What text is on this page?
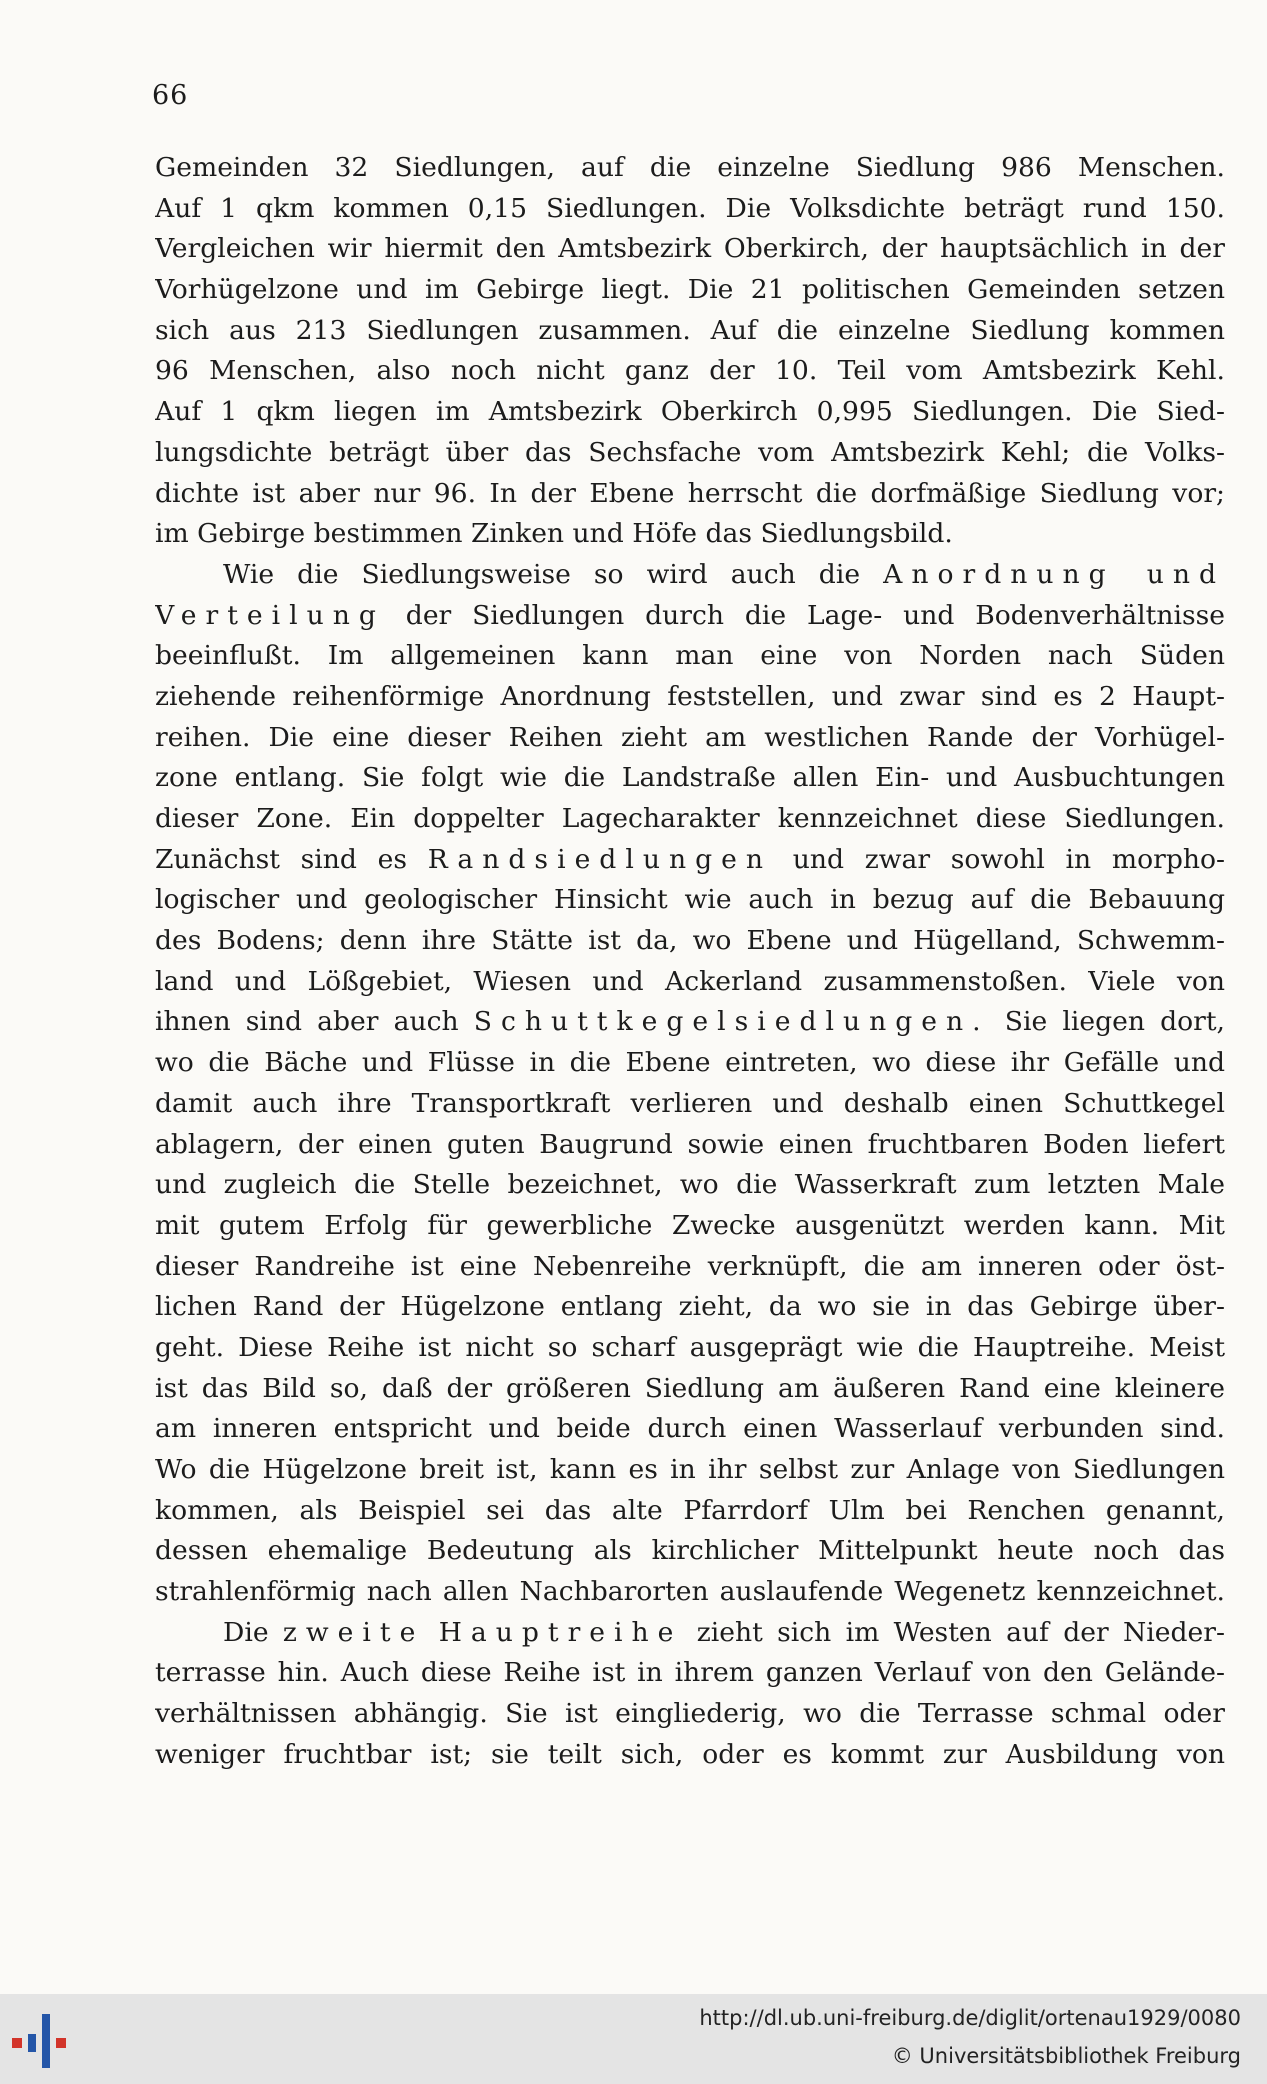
66
Gemeinden 32 Siedlungen, auf die einzelne Siedlung 986 Menschen.
Auf 1 qkm kommen 0,15 Siedlungen. Die Volksdichte beträgt rund 150.
Vergleichen wir hiermit den Amtsbezirk Oberkirch, der hauptsächlich in der
Vorhügelzone und im Gebirge liegt. Die 21 politischen Gemeinden setzen
sich aus 213 Siedlungen zusammen. Auf die einzelne Siedlung kommen
96 Menschen, also noch nicht ganz der 10. Teil vom Amtsbezirk Kehl.
Auf 1 qkm liegen im Amtsbezirk Oberkirch 0,995 Siedlungen. Die Sied-
lungsdichte beträgt über das Sechsfache vom Amtsbezirk Kehl; die Volks-
dichte ist aber nur 96. In der Ebene herrscht die dorfmäßige Siedlung vor;
im Gebirge bestimmen Zinken und Höfe das Siedlungsbild.
Wie die Siedlungsweise so wird auch die Anordnung und
Verteilung der Siedlungen durch die Lage- und Bodenverhältnisse
beeinflußt. Im allgemeinen kann man eine von Norden nach Süden
ziehende reihenförmige Anordnung feststellen, und zwar sind es 2 Haupt-
reihen. Die eine dieser Reihen zieht am westlichen Rande der Vorhügel-
zone entlang. Sie folgt wie die Landstraße allen Ein- und Ausbuchtungen
dieser Zone. Ein doppelter Lagecharakter kennzeichnet diese Siedlungen.
Zunächst sind es Randsiedlungen und zwar sowohl in morpho-
logischer und geologischer Hinsicht wie auch in bezug auf die Bebauung
des Bodens; denn ihre Stätte ist da, wo Ebene und Hügelland, Schwemm-
land und Lößgebiet, Wiesen und Ackerland zusammenstoßen. Viele von
ihnen sind aber auch Schuttkegelsiedlungen. Sie liegen dort,
wo die Bäche und Flüsse in die Ebene eintreten, wo diese ihr Gefälle und
damit auch ihre Transportkraft verlieren und deshalb einen Schuttkegel
ablagern, der einen guten Baugrund sowie einen fruchtbaren Boden liefert
und zugleich die Stelle bezeichnet, wo die Wasserkraft zum letzten Male
mit gutem Erfolg für gewerbliche Zwecke ausgenützt werden kann. Mit
dieser Randreihe ist eine Nebenreihe verknüpft, die am inneren oder öst-
lichen Rand der Hügelzone entlang zieht, da wo sie in das Gebirge über-
geht. Diese Reihe ist nicht so scharf ausgeprägt wie die Hauptreihe. Meist
ist das Bild so, daß der größeren Siedlung am äußeren Rand eine kleinere
am inneren entspricht und beide durch einen Wasserlauf verbunden sind.
Wo die Hügelzone breit ist, kann es in ihr selbst zur Anlage von Siedlungen
kommen, als Beispiel sei das alte Pfarrdorf Ulm bei Renchen genannt,
dessen ehemalige Bedeutung als kirchlicher Mittelpunkt heute noch das
strahlenförmig nach allen Nachbarorten auslaufende Wegenetz kennzeichnet.
Die zweite Hauptreihe zieht sich im Westen auf der Nieder-
terrasse hin. Auch diese Reihe ist in ihrem ganzen Verlauf von den Gelände-
verhältnissen abhängig. Sie ist eingliederig, wo die Terrasse schmal oder
weniger fruchtbar ist; sie teilt sich, oder es kommt zur Ausbildung von
http://dl.ub.uni-freiburg.de/diglit/ortenau1929/0080
© Universitätsbibliothek Freiburg
